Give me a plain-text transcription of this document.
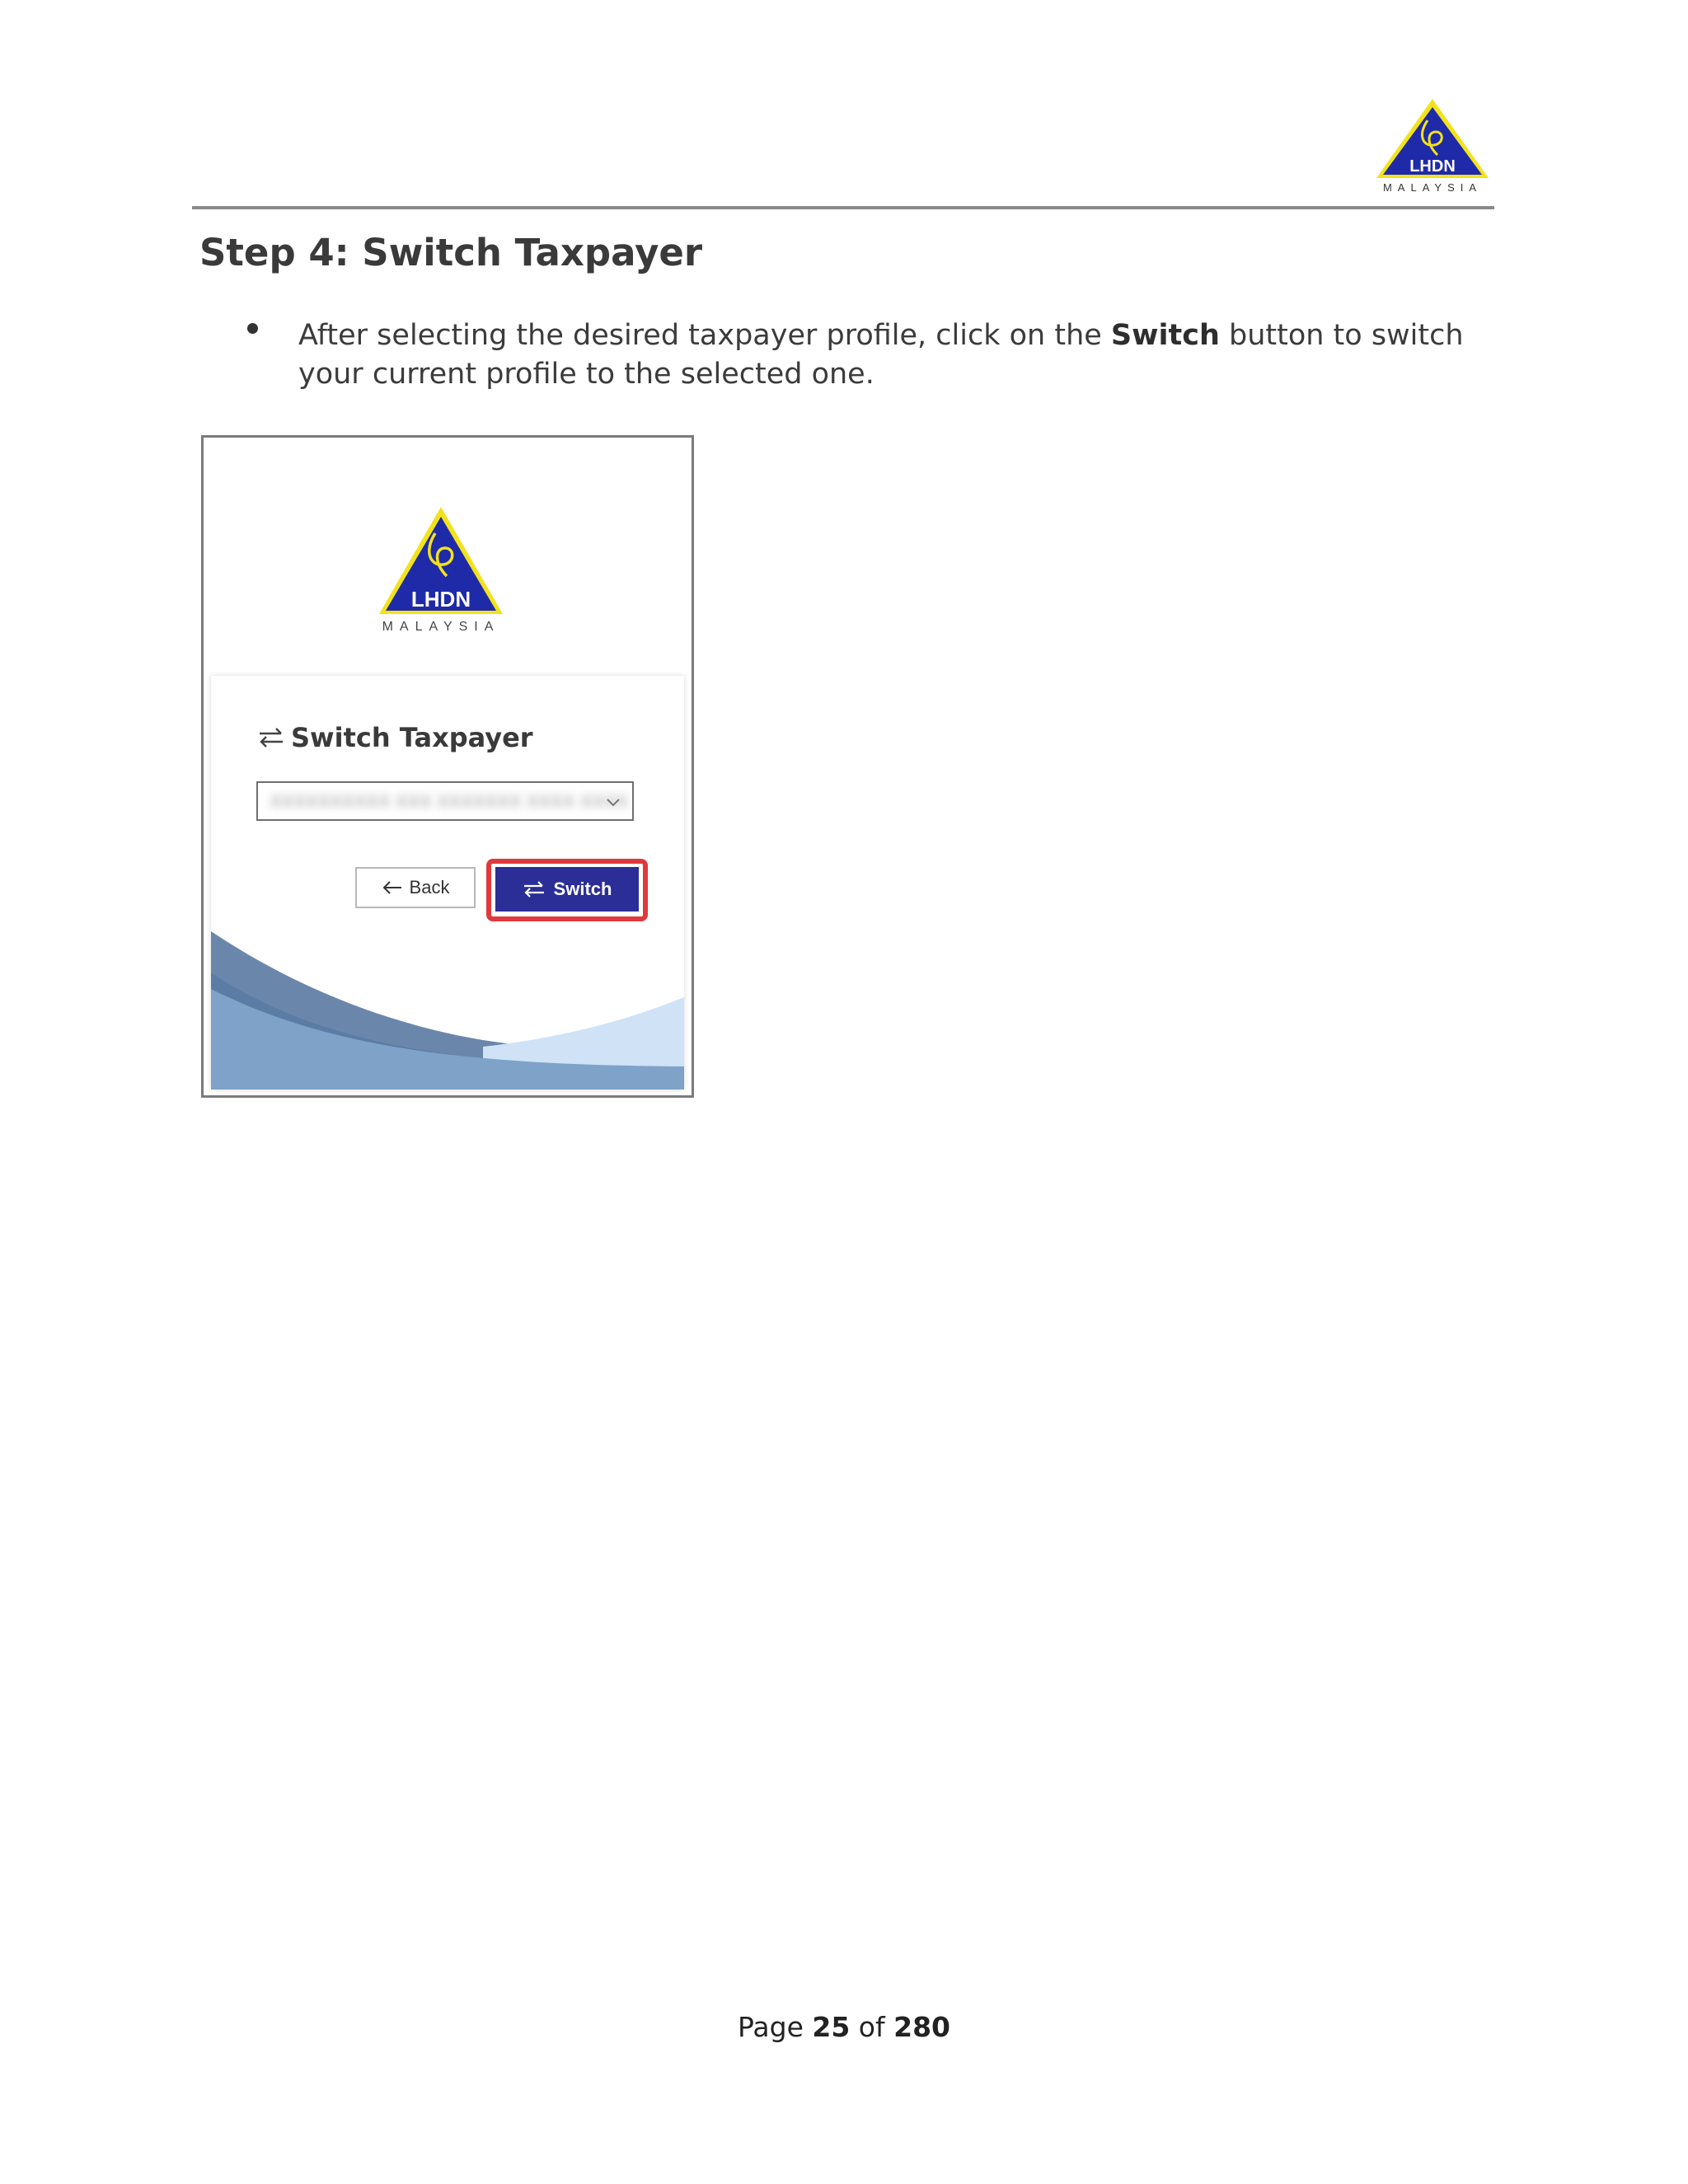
LHDN
MALAYSIA
Step 4: Switch Taxpayer
After selecting the desired taxpayer profile, click on the Switch button to switch your current profile to the selected one.
LHDN
MALAYSIA
Switch Taxpayer
XXXXXXXXXX XXX XXXXXXX XXXX XXXX
Back	Switch
Page 25 of 280
